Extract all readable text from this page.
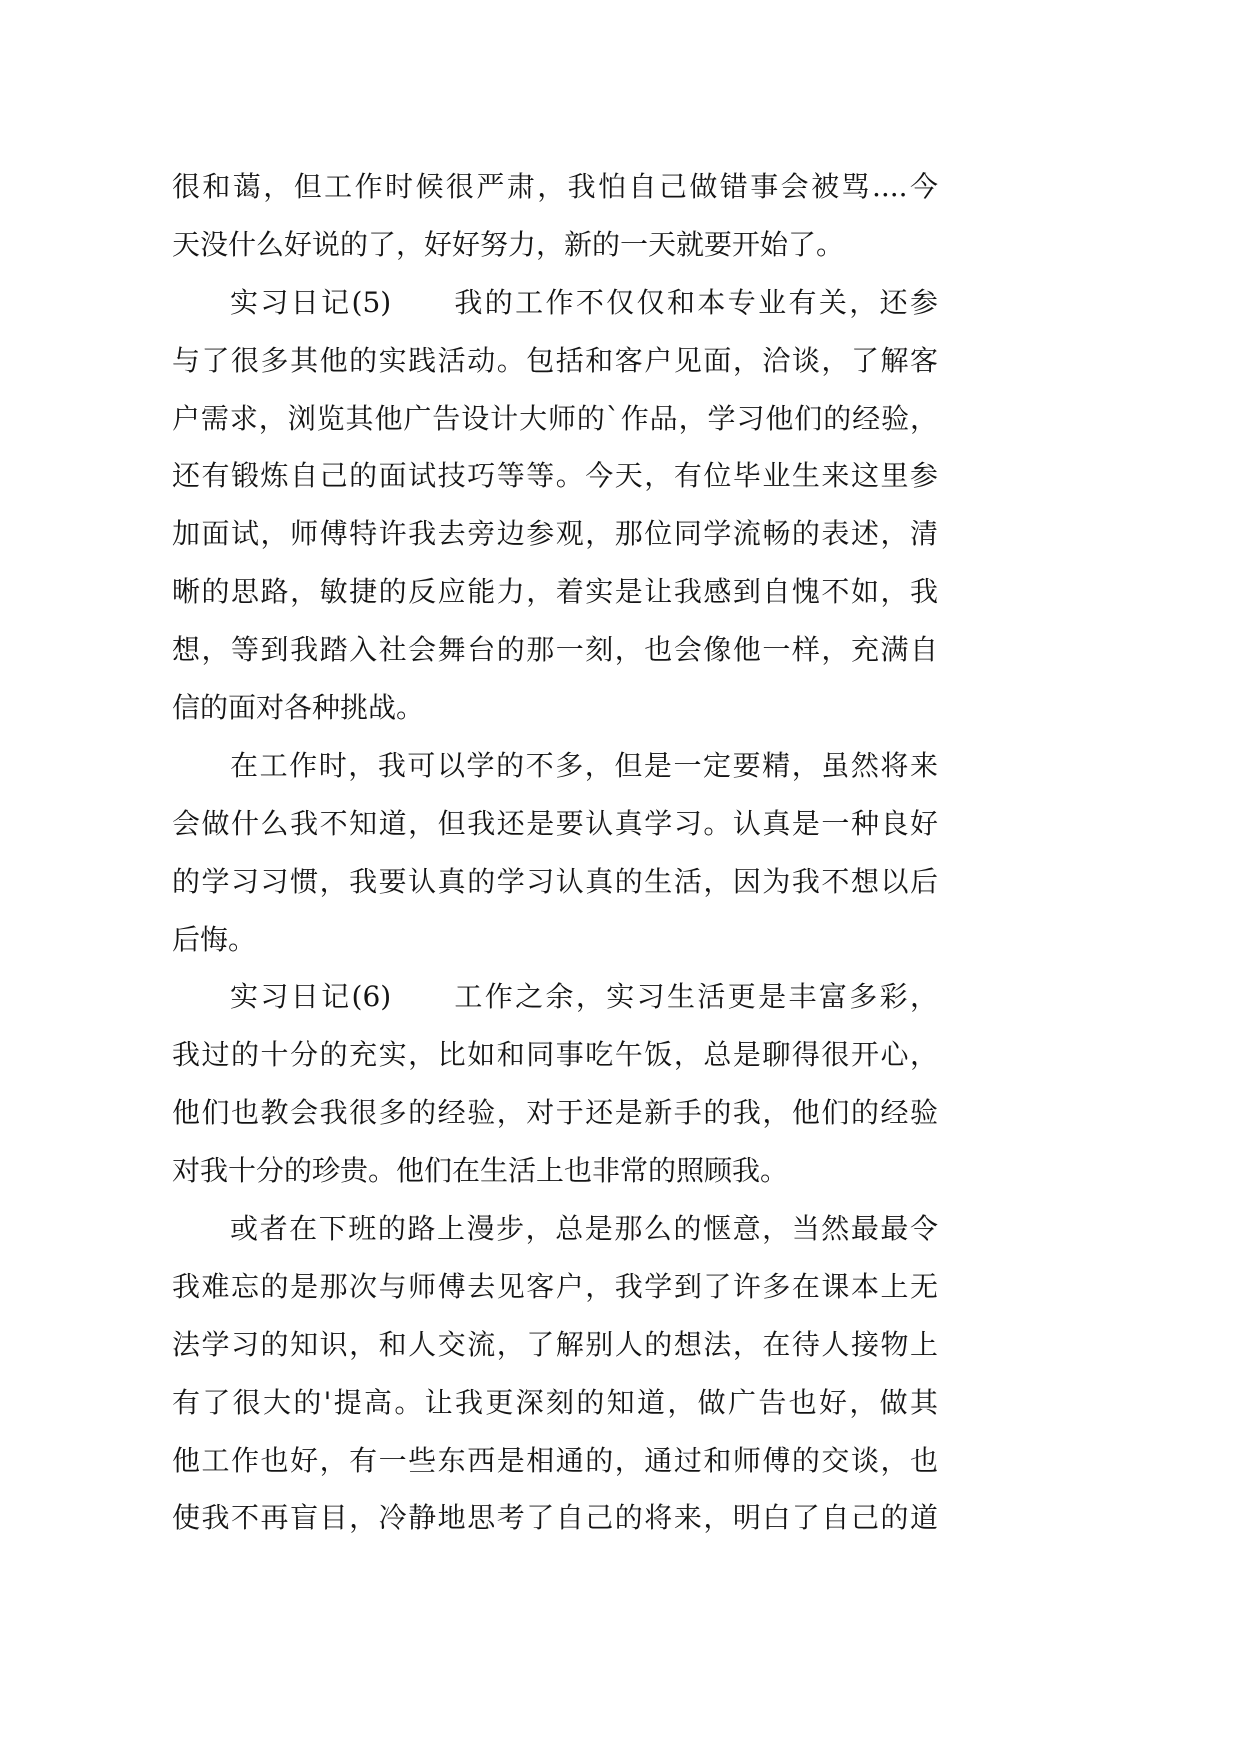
很和蔼，但工作时候很严肃，我怕自己做错事会被骂....今
天没什么好说的了，好好努力，新的一天就要开始了。
实习日记(5)　　我的工作不仅仅和本专业有关，还参
与了很多其他的实践活动。包括和客户见面，洽谈，了解客
户需求，浏览其他广告设计大师的`作品，学习他们的经验，
还有锻炼自己的面试技巧等等。今天，有位毕业生来这里参
加面试，师傅特许我去旁边参观，那位同学流畅的表述，清
晰的思路，敏捷的反应能力，着实是让我感到自愧不如，我
想，等到我踏入社会舞台的那一刻，也会像他一样，充满自
信的面对各种挑战。
在工作时，我可以学的不多，但是一定要精，虽然将来
会做什么我不知道，但我还是要认真学习。认真是一种良好
的学习习惯，我要认真的学习认真的生活，因为我不想以后
后悔。
实习日记(6)　　工作之余，实习生活更是丰富多彩，
我过的十分的充实，比如和同事吃午饭，总是聊得很开心，
他们也教会我很多的经验，对于还是新手的我，他们的经验
对我十分的珍贵。他们在生活上也非常的照顾我。
或者在下班的路上漫步，总是那么的惬意，当然最最令
我难忘的是那次与师傅去见客户，我学到了许多在课本上无
法学习的知识，和人交流，了解别人的想法，在待人接物上
有了很大的'提高。让我更深刻的知道，做广告也好，做其
他工作也好，有一些东西是相通的，通过和师傅的交谈，也
使我不再盲目，冷静地思考了自己的将来，明白了自己的道
